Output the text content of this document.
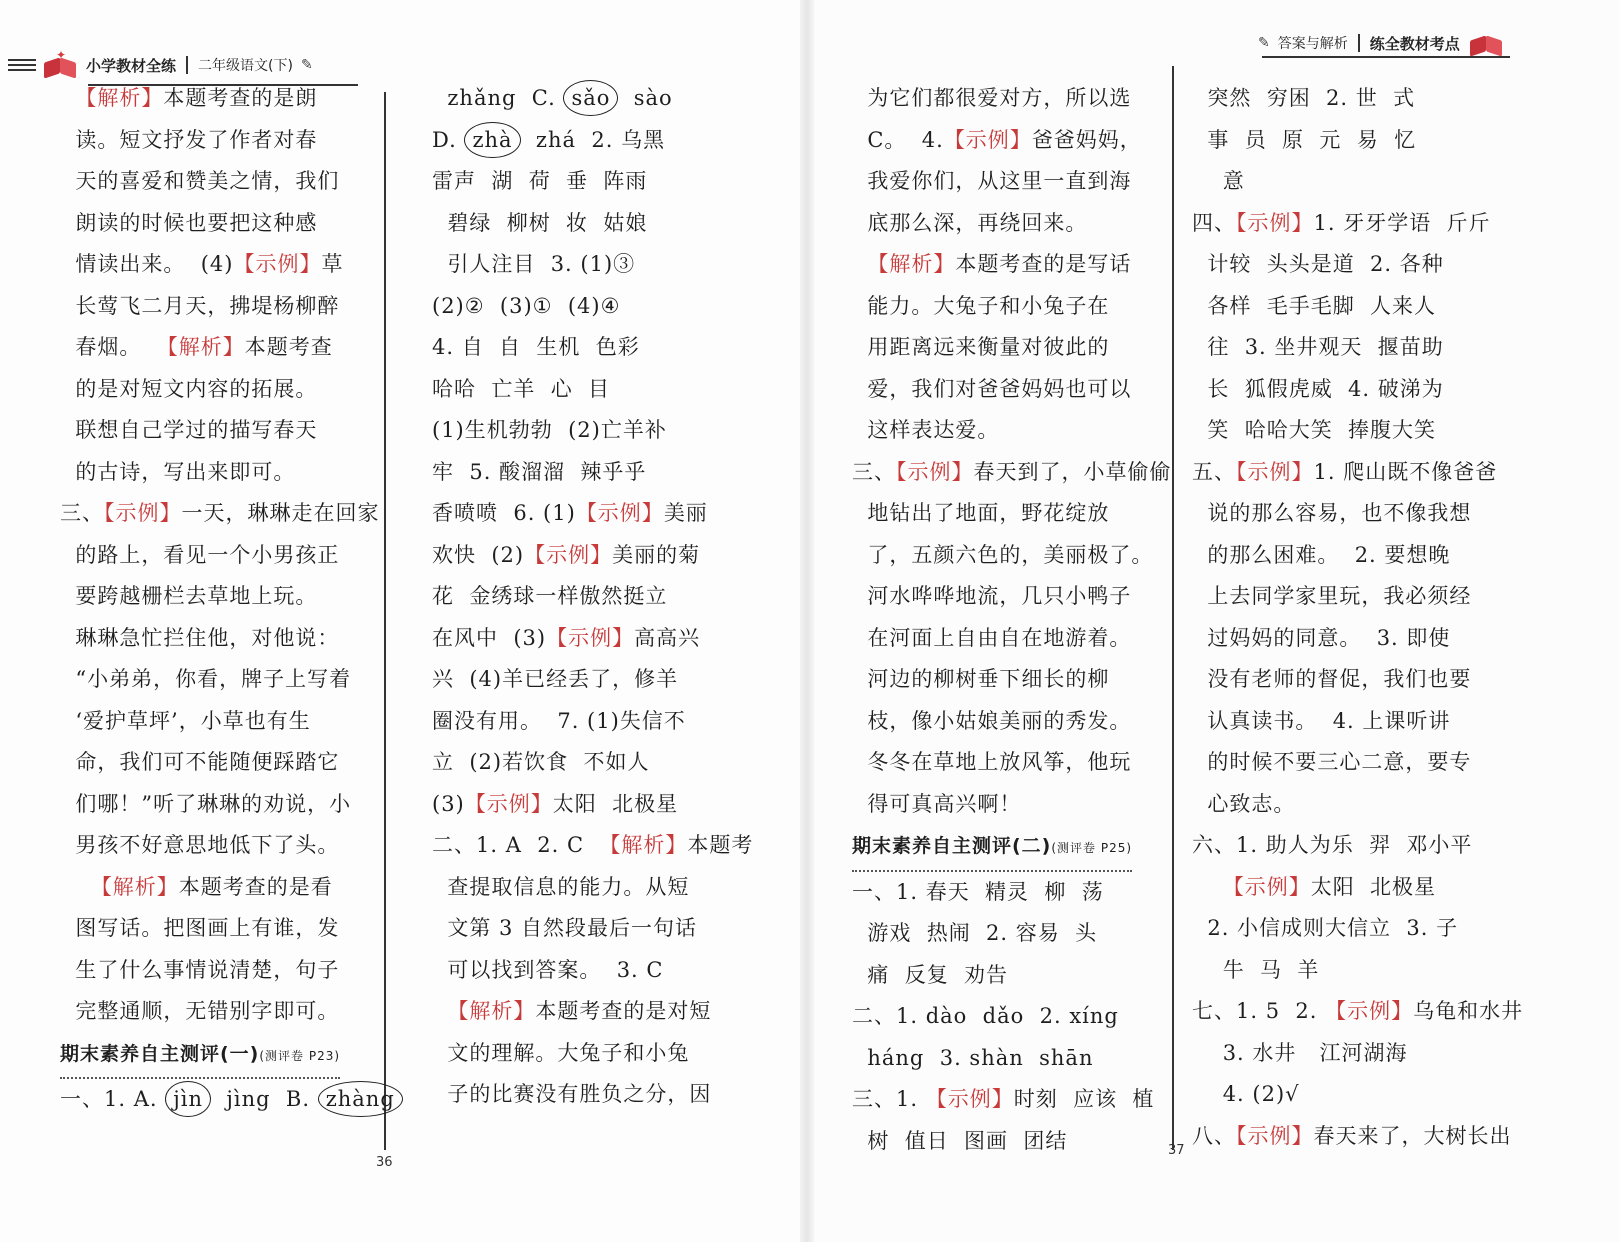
✦
小学教材全练 二年级语文(下) ✎
✎ 答案与解析 练全教材考点

【解析】本题考查的是朗

读。短文抒发了作者对春

天的喜爱和赞美之情，我们

朗读的时候也要把这种感

情读出来。  (4)【示例】草

长莺飞二月天，拂堤杨柳醉

春烟。  【解析】本题考查

的是对短文内容的拓展。

联想自己学过的描写春天

的古诗，写出来即可。

三、【示例】一天，琳琳走在回家

的路上，看见一个小男孩正

要跨越栅栏去草地上玩。

琳琳急忙拦住他，对他说：

“小弟弟，你看，牌子上写着

‘爱护草坪’，小草也有生

命，我们可不能随便踩踏它

们哪！”听了琳琳的劝说，小

男孩不好意思地低下了头。

【解析】本题考查的是看

图写话。把图画上有谁，发

生了什么事情说清楚，句子

完整通顺，无错别字即可。

期末素养自主测评(一)(测评卷 P23)

一、1. A. jìn  jìng  B. zhàng

zhǎng  C. sǎo  sào

D. zhà  zhá  2. 乌黑

雷声  湖  荷  垂  阵雨

碧绿  柳树  妆  姑娘

引人注目  3. (1)③

(2)②  (3)①  (4)④

4. 自  自  生机  色彩

哈哈  亡羊  心  目

(1)生机勃勃  (2)亡羊补

牢  5. 酸溜溜  辣乎乎

香喷喷  6. (1)【示例】美丽

欢快  (2)【示例】美丽的菊

花  金绣球一样傲然挺立

在风中  (3)【示例】高高兴

兴  (4)羊已经丢了，修羊

圈没有用。  7. (1)失信不

立  (2)若饮食  不如人

(3)【示例】太阳  北极星

二、1. A  2. C  【解析】本题考

查提取信息的能力。从短

文第 3 自然段最后一句话

可以找到答案。  3. C

【解析】本题考查的是对短

文的理解。大兔子和小兔

子的比赛没有胜负之分，因

为它们都很爱对方，所以选

C。  4.【示例】爸爸妈妈，

我爱你们，从这里一直到海

底那么深，再绕回来。

【解析】本题考查的是写话

能力。大兔子和小兔子在

用距离远来衡量对彼此的

爱，我们对爸爸妈妈也可以

这样表达爱。

三、【示例】春天到了，小草偷偷

地钻出了地面，野花绽放

了，五颜六色的，美丽极了。

河水哗哗地流，几只小鸭子

在河面上自由自在地游着。

河边的柳树垂下细长的柳

枝，像小姑娘美丽的秀发。

冬冬在草地上放风筝，他玩

得可真高兴啊！

期末素养自主测评(二)(测评卷 P25)

一、1. 春天  精灵  柳  荡

游戏  热闹  2. 容易  头

痛  反复  劝告

二、1. dào  dǎo  2. xíng

háng  3. shàn  shān

三、1. 【示例】时刻  应该  植

树  值日  图画  团结

突然  穷困  2. 世  式

事  员  原  元  易  忆

意

四、【示例】1. 牙牙学语  斤斤

计较  头头是道  2. 各种

各样  毛手毛脚  人来人

往  3. 坐井观天  揠苗助

长  狐假虎威  4. 破涕为

笑  哈哈大笑  捧腹大笑

五、【示例】1. 爬山既不像爸爸

说的那么容易，也不像我想

的那么困难。  2. 要想晚

上去同学家里玩，我必须经

过妈妈的同意。  3. 即使

没有老师的督促，我们也要

认真读书。  4. 上课听讲

的时候不要三心二意，要专

心致志。

六、1. 助人为乐  羿  邓小平

【示例】太阳  北极星

2. 小信成则大信立  3. 子

牛  马  羊

七、1. 5  2. 【示例】乌龟和水井

3. 水井   江河湖海

4. (2)√

八、【示例】春天来了，大树长出

36
37
